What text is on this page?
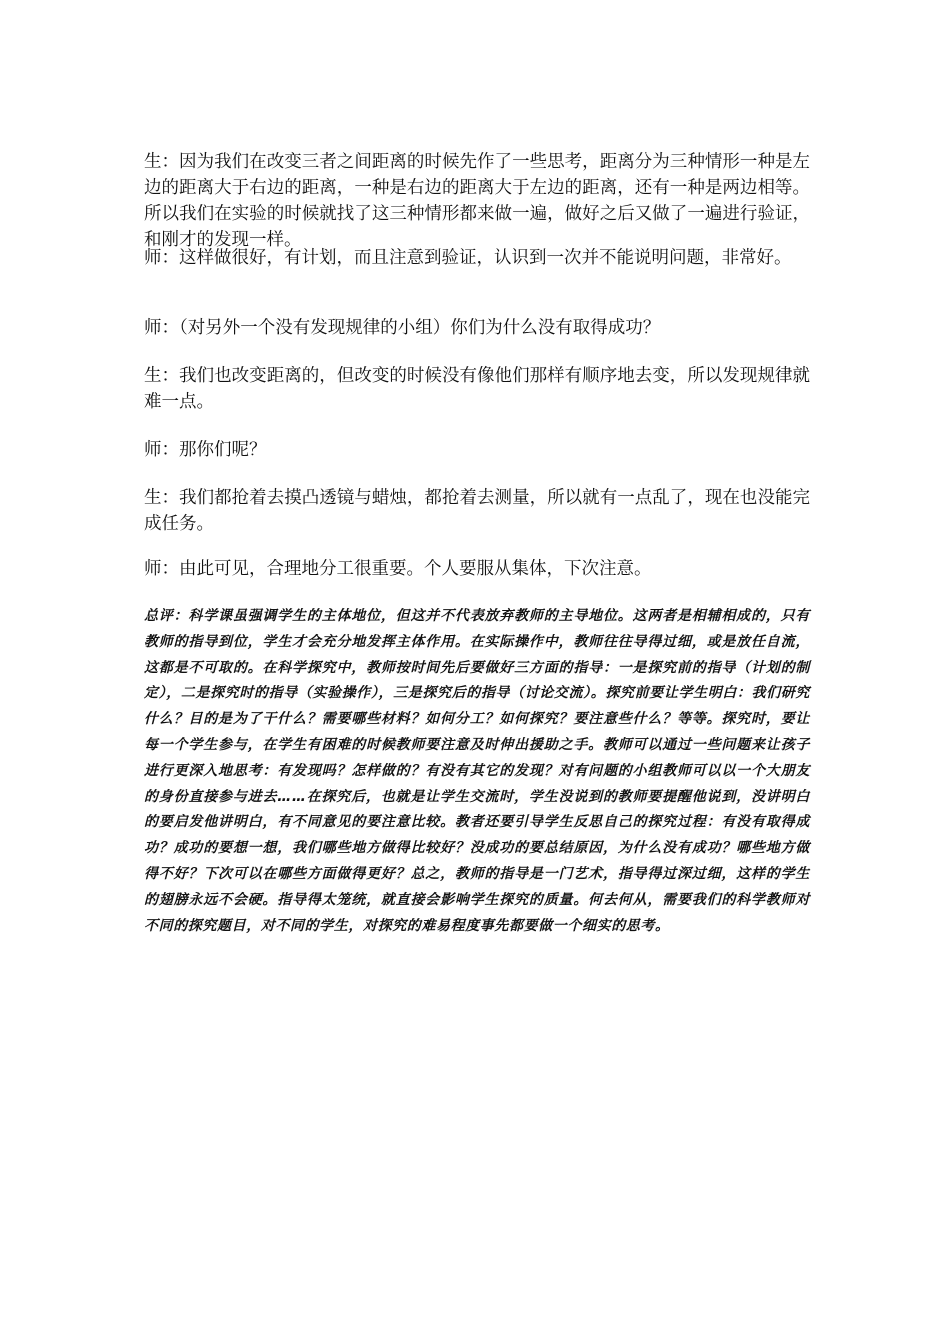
生：因为我们在改变三者之间距离的时候先作了一些思考，距离分为三种情形一种是左边的距离大于右边的距离，一种是右边的距离大于左边的距离，还有一种是两边相等。所以我们在实验的时候就找了这三种情形都来做一遍，做好之后又做了一遍进行验证，和刚才的发现一样。

师：这样做很好，有计划，而且注意到验证，认识到一次并不能说明问题，非常好。

师：（对另外一个没有发现规律的小组）你们为什么没有取得成功？

生：我们也改变距离的，但改变的时候没有像他们那样有顺序地去变，所以发现规律就难一点。

师：那你们呢？

生：我们都抢着去摸凸透镜与蜡烛，都抢着去测量，所以就有一点乱了，现在也没能完成任务。

师：由此可见，合理地分工很重要。个人要服从集体，下次注意。

总评：科学课虽强调学生的主体地位，但这并不代表放弃教师的主导地位。这两者是相辅相成的，只有教师的指导到位，学生才会充分地发挥主体作用。在实际操作中，教师往往导得过细，或是放任自流，这都是不可取的。在科学探究中，教师按时间先后要做好三方面的指导：一是探究前的指导（计划的制定），二是探究时的指导（实验操作），三是探究后的指导（讨论交流）。探究前要让学生明白：我们研究什么？目的是为了干什么？需要哪些材料？如何分工？如何探究？要注意些什么？等等。探究时，要让每一个学生参与，在学生有困难的时候教师要注意及时伸出援助之手。教师可以通过一些问题来让孩子进行更深入地思考：有发现吗？怎样做的？有没有其它的发现？对有问题的小组教师可以以一个大朋友的身份直接参与进去……在探究后，也就是让学生交流时，学生没说到的教师要提醒他说到，没讲明白的要启发他讲明白，有不同意见的要注意比较。教者还要引导学生反思自己的探究过程：有没有取得成功？成功的要想一想，我们哪些地方做得比较好？没成功的要总结原因，为什么没有成功？哪些地方做得不好？下次可以在哪些方面做得更好？总之，教师的指导是一门艺术，指导得过深过细，这样的学生的翅膀永远不会硬。指导得太笼统，就直接会影响学生探究的质量。何去何从，需要我们的科学教师对不同的探究题目，对不同的学生，对探究的难易程度事先都要做一个细实的思考。
